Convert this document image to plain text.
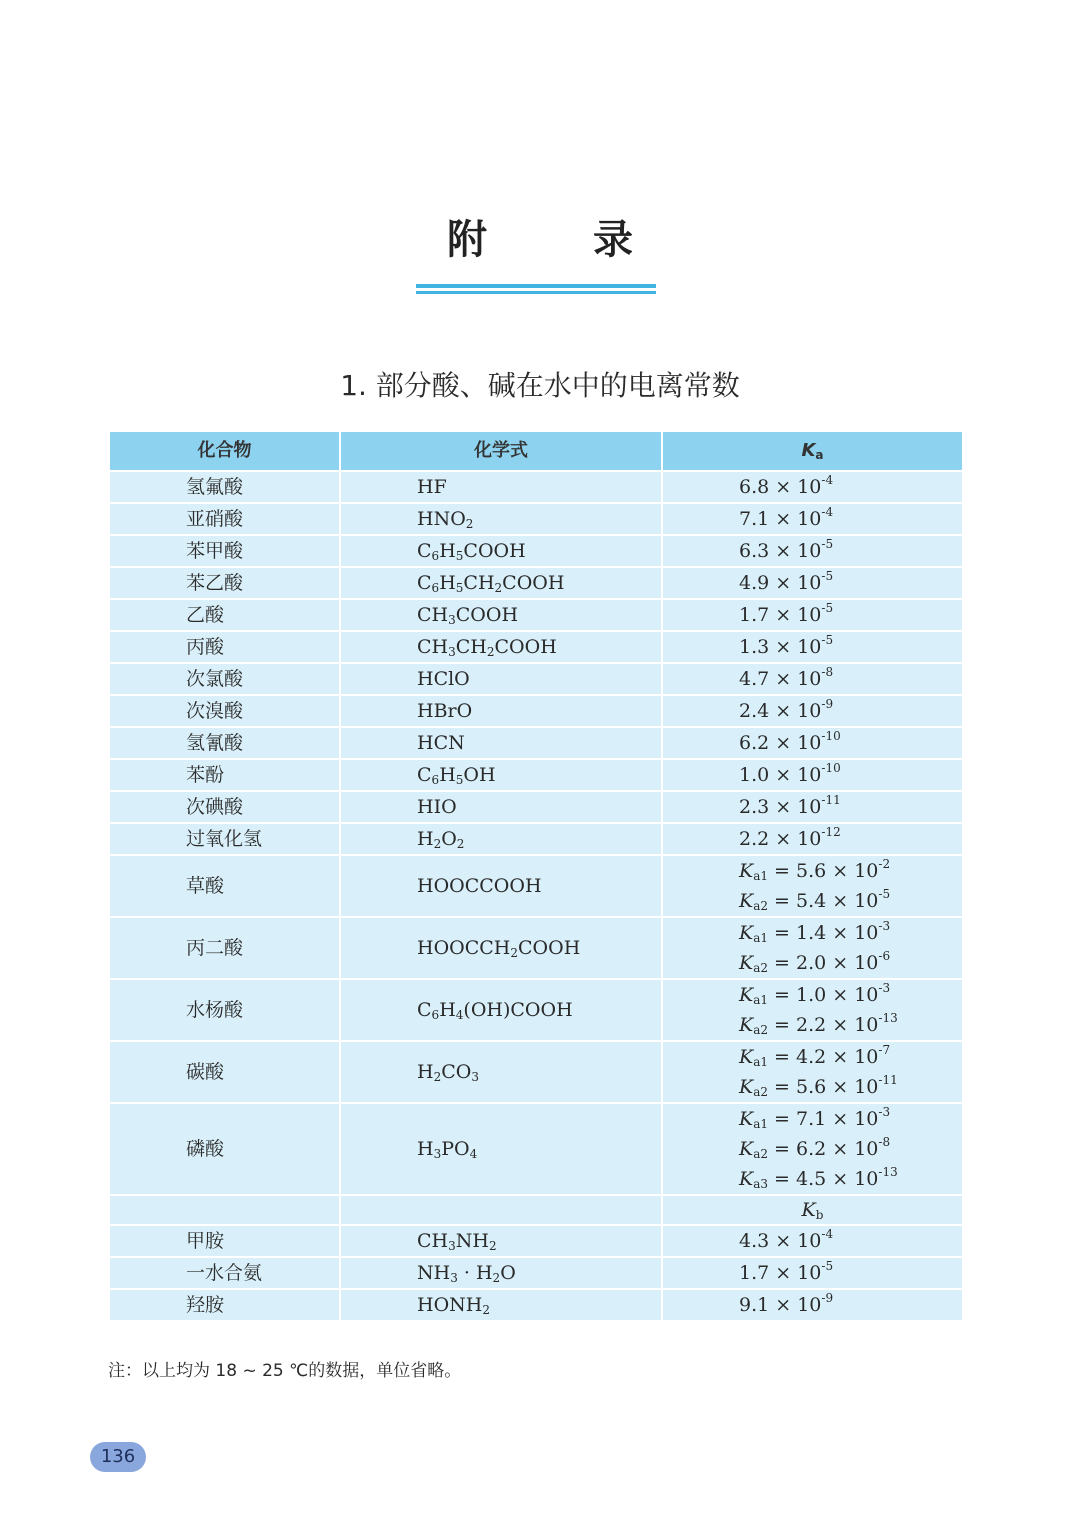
附 录
1. 部分酸、碱在水中的电离常数
化合物	化学式	$K_a$
氢氟酸	HF	$6.8 \times 10^{-4}$

亚硝酸	$HNO_2$	$7.1 \times 10^{-4}$

苯甲酸	$C_6H_5COOH$	$6.3 \times 10^{-5}$

苯乙酸	$C_6H_5CH_2COOH$	$4.9 \times 10^{-5}$

乙酸	$CH_3COOH$	$1.7 \times 10^{-5}$

丙酸	$CH_3CH_2COOH$	$1.3 \times 10^{-5}$

次氯酸	HClO	$4.7 \times 10^{-8}$

次溴酸	HBrO	$2.4 \times 10^{-9}$

氢氰酸	HCN	$6.2 \times 10^{-10}$

苯酚	$C_6H_5OH$	$1.0 \times 10^{-10}$

次碘酸	HIO	$2.3 \times 10^{-11}$

过氧化氢	$H_2O_2$	$2.2 \times 10^{-12}$

草酸	HOOCCOOH	$K_{a1} = 5.6 \times 10^{-2}$
$K_{a2} = 5.4 \times 10^{-5}$

丙二酸	$HOOCCH_2COOH$	$K_{a1} = 1.4 \times 10^{-3}$
$K_{a2} = 2.0 \times 10^{-6}$

水杨酸	$C_6H_4(OH)COOH$	$K_{a1} = 1.0 \times 10^{-3}$
$K_{a2} = 2.2 \times 10^{-13}$

碳酸	$H_2CO_3$	$K_{a1} = 4.2 \times 10^{-7}$
$K_{a2} = 5.6 \times 10^{-11}$

磷酸	$H_3PO_4$	$K_{a1} = 7.1 \times 10^{-3}$
$K_{a2} = 6.2 \times 10^{-8}$
$K_{a3} = 4.5 \times 10^{-13}$

		$K_b$
甲胺	$CH_3NH_2$	$4.3 \times 10^{-4}$

一水合氨	$NH_3 \cdot H_2O$	$1.7 \times 10^{-5}$

羟胺	$HONH_2$	$9.1 \times 10^{-9}$
注：以上均为 18 ~ 25 ℃的数据，单位省略。
136
